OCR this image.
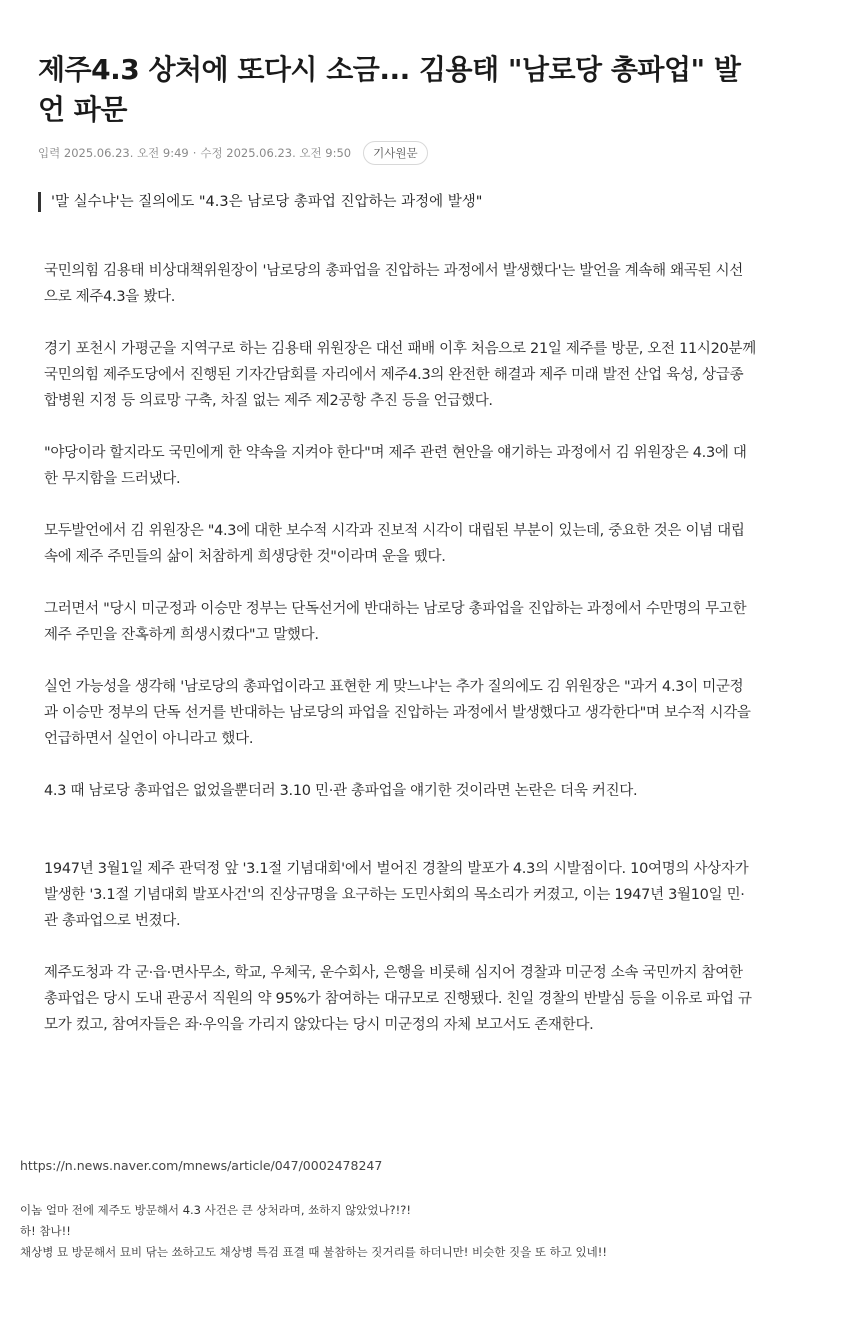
제주4.3 상처에 또다시 소금... 김용태 "남로당 총파업" 발언 파문
입력 2025.06.23. 오전 9:49 · 수정 2025.06.23. 오전 9:50	기사원문
'말 실수냐'는 질의에도 "4.3은 남로당 총파업 진압하는 과정에 발생"

국민의힘 김용태 비상대책위원장이 '남로당의 총파업을 진압하는 과정에서 발생했다'는 발언을 계속해 왜곡된 시선으로 제주4.3을 봤다.

경기 포천시 가평군을 지역구로 하는 김용태 위원장은 대선 패배 이후 처음으로 21일 제주를 방문, 오전 11시20분께 국민의힘 제주도당에서 진행된 기자간담회를 자리에서 제주4.3의 완전한 해결과 제주 미래 발전 산업 육성, 상급종합병원 지정 등 의료망 구축, 차질 없는 제주 제2공항 추진 등을 언급했다.

"야당이라 할지라도 국민에게 한 약속을 지켜야 한다"며 제주 관련 현안을 얘기하는 과정에서 김 위원장은 4.3에 대한 무지함을 드러냈다.

모두발언에서 김 위원장은 "4.3에 대한 보수적 시각과 진보적 시각이 대립된 부분이 있는데, 중요한 것은 이념 대립 속에 제주 주민들의 삶이 처참하게 희생당한 것"이라며 운을 뗐다.

그러면서 "당시 미군정과 이승만 정부는 단독선거에 반대하는 남로당 총파업을 진압하는 과정에서 수만명의 무고한 제주 주민을 잔혹하게 희생시켰다"고 말했다.

실언 가능성을 생각해 '남로당의 총파업이라고 표현한 게 맞느냐'는 추가 질의에도 김 위원장은 "과거 4.3이 미군정과 이승만 정부의 단독 선거를 반대하는 남로당의 파업을 진압하는 과정에서 발생했다고 생각한다"며 보수적 시각을 언급하면서 실언이 아니라고 했다.

4.3 때 남로당 총파업은 없었을뿐더러 3.10 민·관 총파업을 얘기한 것이라면 논란은 더욱 커진다.

1947년 3월1일 제주 관덕정 앞 '3.1절 기념대회'에서 벌어진 경찰의 발포가 4.3의 시발점이다. 10여명의 사상자가 발생한 '3.1절 기념대회 발포사건'의 진상규명을 요구하는 도민사회의 목소리가 커졌고, 이는 1947년 3월10일 민·관 총파업으로 번졌다.

제주도청과 각 군·읍·면사무소, 학교, 우체국, 운수회사, 은행을 비롯해 심지어 경찰과 미군정 소속 국민까지 참여한 총파업은 당시 도내 관공서 직원의 약 95%가 참여하는 대규모로 진행됐다. 친일 경찰의 반발심 등을 이유로 파업 규모가 컸고, 참여자들은 좌·우익을 가리지 않았다는 당시 미군정의 자체 보고서도 존재한다.

https://n.news.naver.com/mnews/article/047/0002478247
이놈 얼마 전에 제주도 방문해서 4.3 사건은 큰 상처라며, 쑈하지 않았었나?!?!
하! 참나!!
채상병 묘 방문해서 묘비 닦는 쑈하고도 채상병 특검 표결 때 불참하는 짓거리를 하더니만! 비슷한 짓을 또 하고 있네!!
